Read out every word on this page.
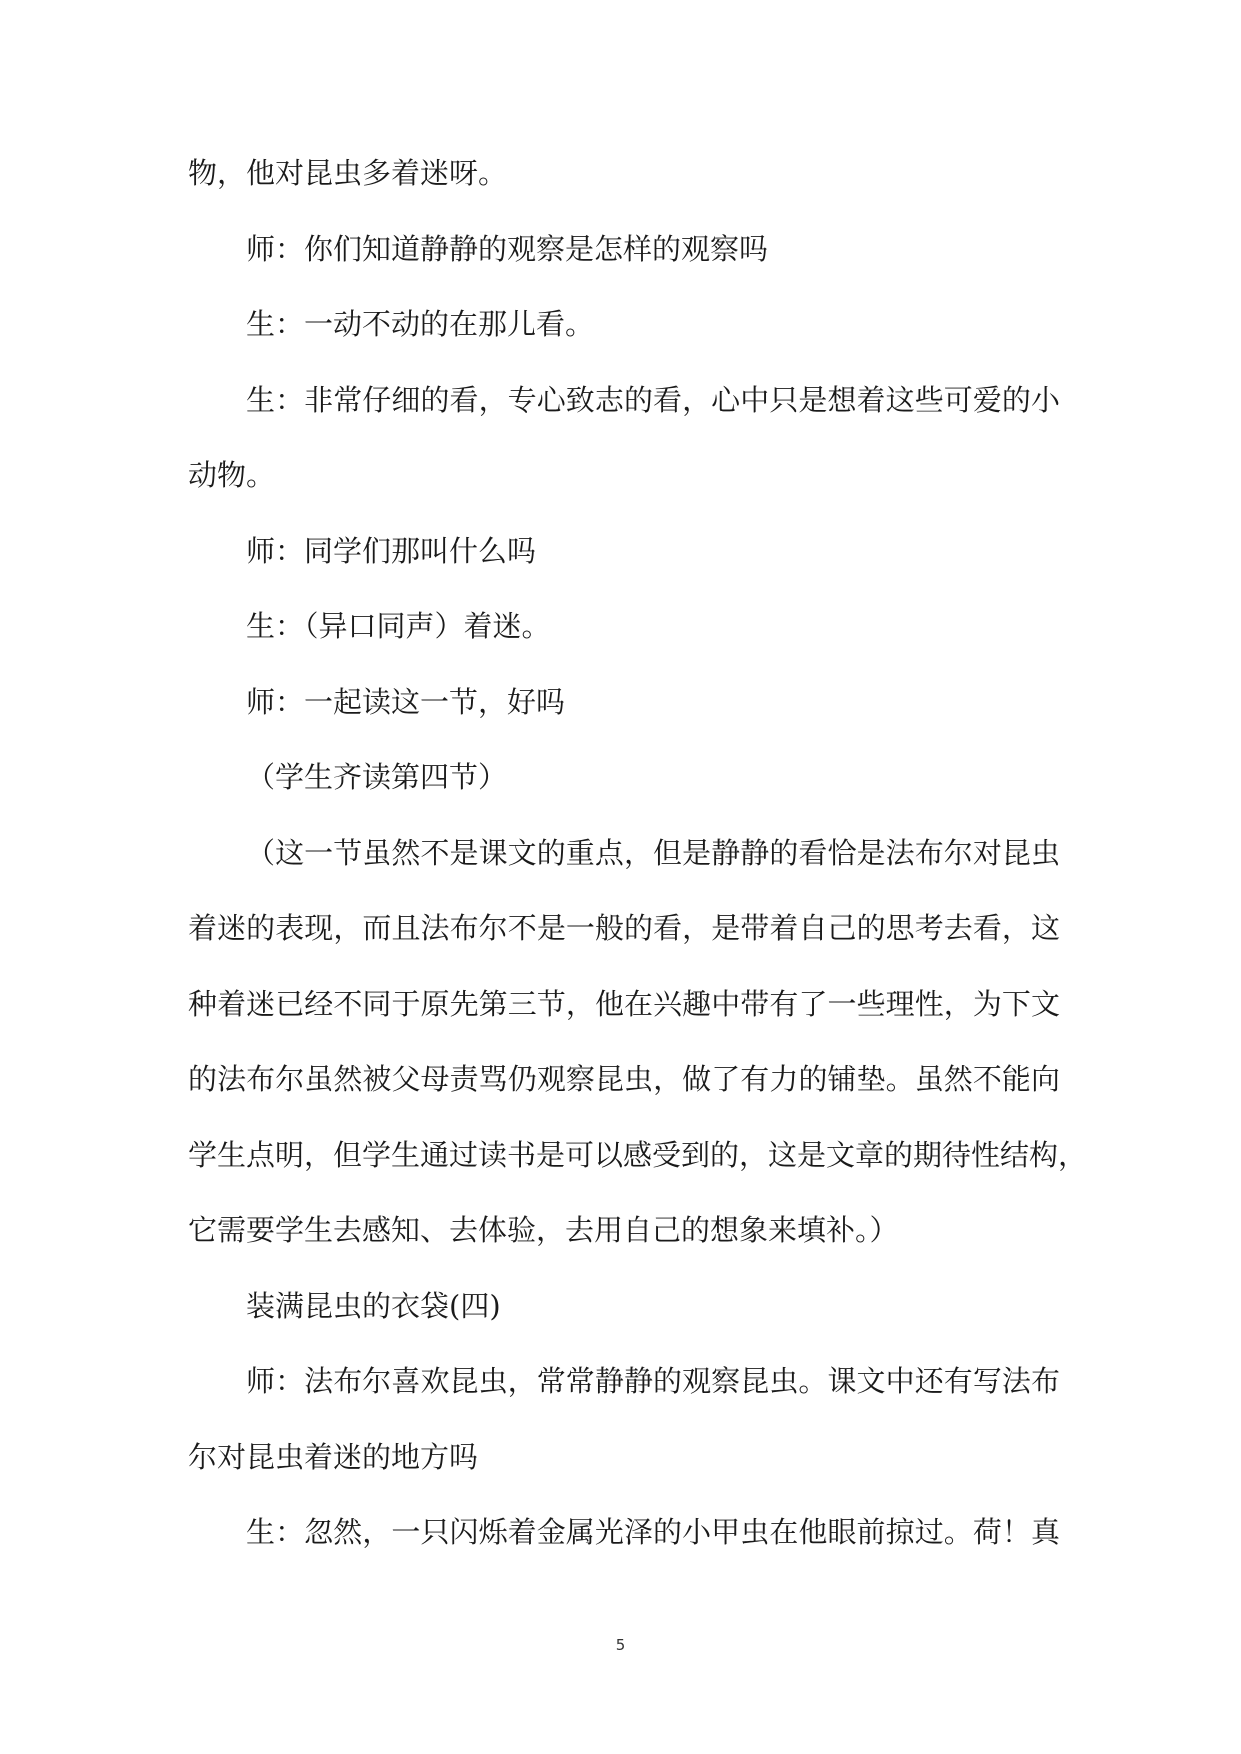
物，他对昆虫多着迷呀。
师：你们知道静静的观察是怎样的观察吗
生：一动不动的在那儿看。
生：非常仔细的看，专心致志的看，心中只是想着这些可爱的小
动物。
师：同学们那叫什么吗
生：（异口同声）着迷。
师：一起读这一节，好吗
（学生齐读第四节）
（这一节虽然不是课文的重点，但是静静的看恰是法布尔对昆虫
着迷的表现，而且法布尔不是一般的看，是带着自己的思考去看，这
种着迷已经不同于原先第三节，他在兴趣中带有了一些理性，为下文
的法布尔虽然被父母责骂仍观察昆虫，做了有力的铺垫。虽然不能向
学生点明，但学生通过读书是可以感受到的，这是文章的期待性结构，
它需要学生去感知、去体验，去用自己的想象来填补。）
装满昆虫的衣袋(四)
师：法布尔喜欢昆虫，常常静静的观察昆虫。课文中还有写法布
尔对昆虫着迷的地方吗
生：忽然，一只闪烁着金属光泽的小甲虫在他眼前掠过。荷！真
5
